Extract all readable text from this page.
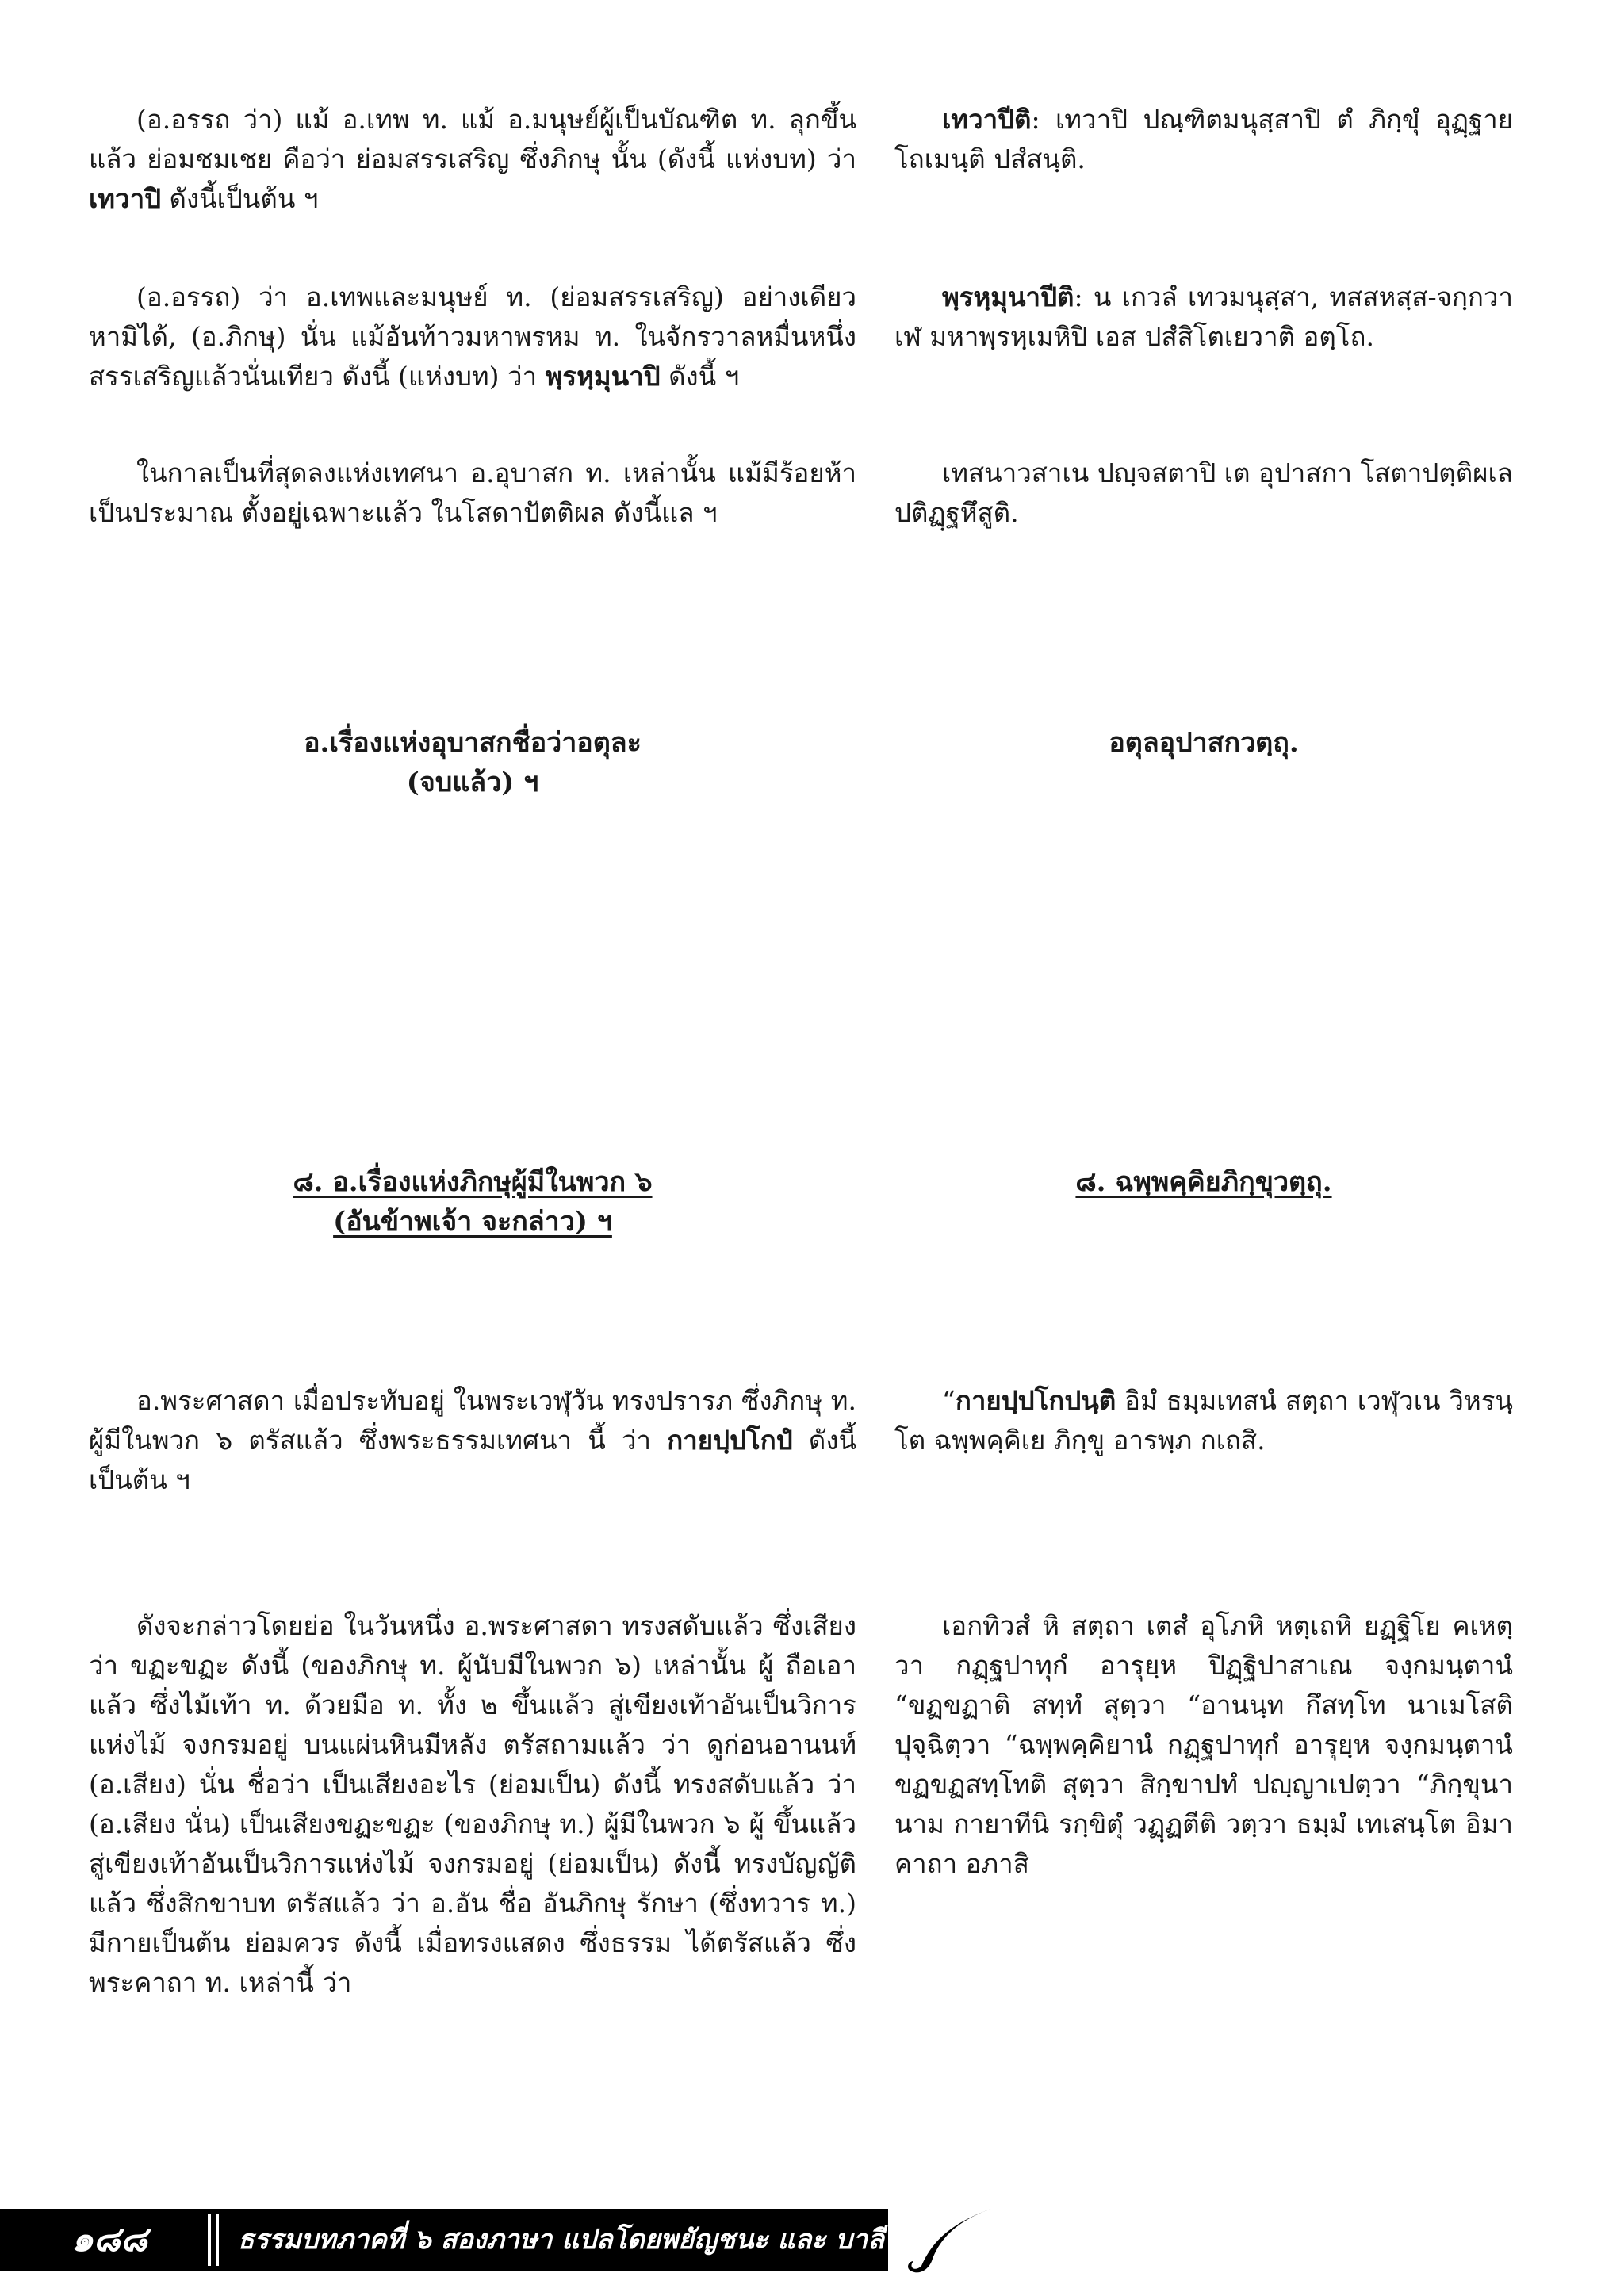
(อ.อรรถ ว่า) แม้ อ.เทพ ท. แม้ อ.มนุษย์ผู้เป็นบัณฑิต ท. ลุกขึ้นแล้ว ย่อมชมเชย คือว่า ย่อมสรรเสริญ ซึ่งภิกษุ นั้น (ดังนี้ แห่งบท) ว่า เทวาปิ ดังนี้เป็นต้น ฯ

เทวาปีติ: เทวาปิ ปณฺฑิตมนุสฺสาปิ ตํ ภิกฺขุํ อุฏฺฐาย โถเมนฺติ ปสํสนฺติ.

(อ.อรรถ) ว่า อ.เทพและมนุษย์ ท. (ย่อมสรรเสริญ) อย่างเดียว หามิได้, (อ.ภิกษุ) นั่น แม้อันท้าวมหาพรหม ท. ในจักรวาลหมื่นหนึ่ง สรรเสริญแล้วนั่นเทียว ดังนี้ (แห่งบท) ว่า พฺรหฺมุนาปิ ดังนี้ ฯ

พฺรหฺมุนาปีติ: น เกวลํ เทวมนุสฺสา, ทสสหสฺส-จกฺกวาเฬ มหาพฺรหฺเมหิปิ เอส ปสํสิโตเยวาติ อตฺโถ.

ในกาลเป็นที่สุดลงแห่งเทศนา อ.อุบาสก ท. เหล่านั้น แม้มีร้อยห้าเป็นประมาณ ตั้งอยู่เฉพาะแล้ว ในโสดาปัตติผล ดังนี้แล ฯ

เทสนาวสาเน ปญฺจสตาปิ เต อุปาสกา โสตาปตฺติผเล ปติฏฺฐหึสูติ.

อ.เรื่องแห่งอุบาสกชื่อว่าอตุละ
(จบแล้ว) ฯ
อตุลอุปาสกวตฺถุ.
๘. อ.เรื่องแห่งภิกษุผู้มีในพวก ๖
(อันข้าพเจ้า จะกล่าว) ฯ
๘. ฉพฺพคฺคิยภิกฺขุวตฺถุ.

อ.พระศาสดา เมื่อประทับอยู่ ในพระเวฬุวัน ทรงปรารภ ซึ่งภิกษุ ท. ผู้มีในพวก ๖ ตรัสแล้ว ซึ่งพระธรรมเทศนา นี้ ว่า กายปฺปโกปํ ดังนี้เป็นต้น ฯ

“กายปฺปโกปนฺติ อิมํ ธมฺมเทสนํ สตฺถา เวฬุวเน วิหรนฺโต ฉพฺพคฺคิเย ภิกฺขู อารพฺภ กเถสิ.

ดังจะกล่าวโดยย่อ ในวันหนึ่ง อ.พระศาสดา ทรงสดับแล้ว ซึ่งเสียง ว่า ขฏะขฏะ ดังนี้ (ของภิกษุ ท. ผู้นับมีในพวก ๖) เหล่านั้น ผู้ ถือเอาแล้ว ซึ่งไม้เท้า ท. ด้วยมือ ท. ทั้ง ๒ ขึ้นแล้ว สู่เขียงเท้าอันเป็นวิการแห่งไม้ จงกรมอยู่ บนแผ่นหินมีหลัง ตรัสถามแล้ว ว่า ดูก่อนอานนท์ (อ.เสียง) นั่น ชื่อว่า เป็นเสียงอะไร (ย่อมเป็น) ดังนี้ ทรงสดับแล้ว ว่า (อ.เสียง นั่น) เป็นเสียงขฏะขฏะ (ของภิกษุ ท.) ผู้มีในพวก ๖ ผู้ ขึ้นแล้ว สู่เขียงเท้าอันเป็นวิการแห่งไม้ จงกรมอยู่ (ย่อมเป็น) ดังนี้ ทรงบัญญัติแล้ว ซึ่งสิกขาบท ตรัสแล้ว ว่า อ.อัน ชื่อ อันภิกษุ รักษา (ซึ่งทวาร ท.) มีกายเป็นต้น ย่อมควร ดังนี้ เมื่อทรงแสดง ซึ่งธรรม ได้ตรัสแล้ว ซึ่งพระคาถา ท. เหล่านี้ ว่า

เอกทิวสํ หิ สตฺถา เตสํ อุโภหิ หตฺเถหิ ยฏฺฐิโย คเหตฺวา กฏฺฐปาทุกํ อารุยฺห ปิฏฺฐิปาสาเณ จงฺกมนฺตานํ “ขฏขฏาติ สทฺทํ สุตฺวา “อานนฺท กึสทฺโท นาเมโสติ ปุจฺฉิตฺวา “ฉพฺพคฺคิยานํ กฏฺฐปาทุกํ อารุยฺห จงฺกมนฺตานํ ขฏขฏสทฺโทติ สุตฺวา สิกฺขาปทํ ปญฺญาเปตฺวา “ภิกฺขุนา นาม กายาทีนิ รกฺขิตุํ วฏฺฏตีติ วตฺวา ธมฺมํ เทเสนฺโต อิมา คาถา อภาสิ

๑๘๘	ธรรมบทภาคที่ ๖ สองภาษา แปลโดยพยัญชนะ และ บาลี
